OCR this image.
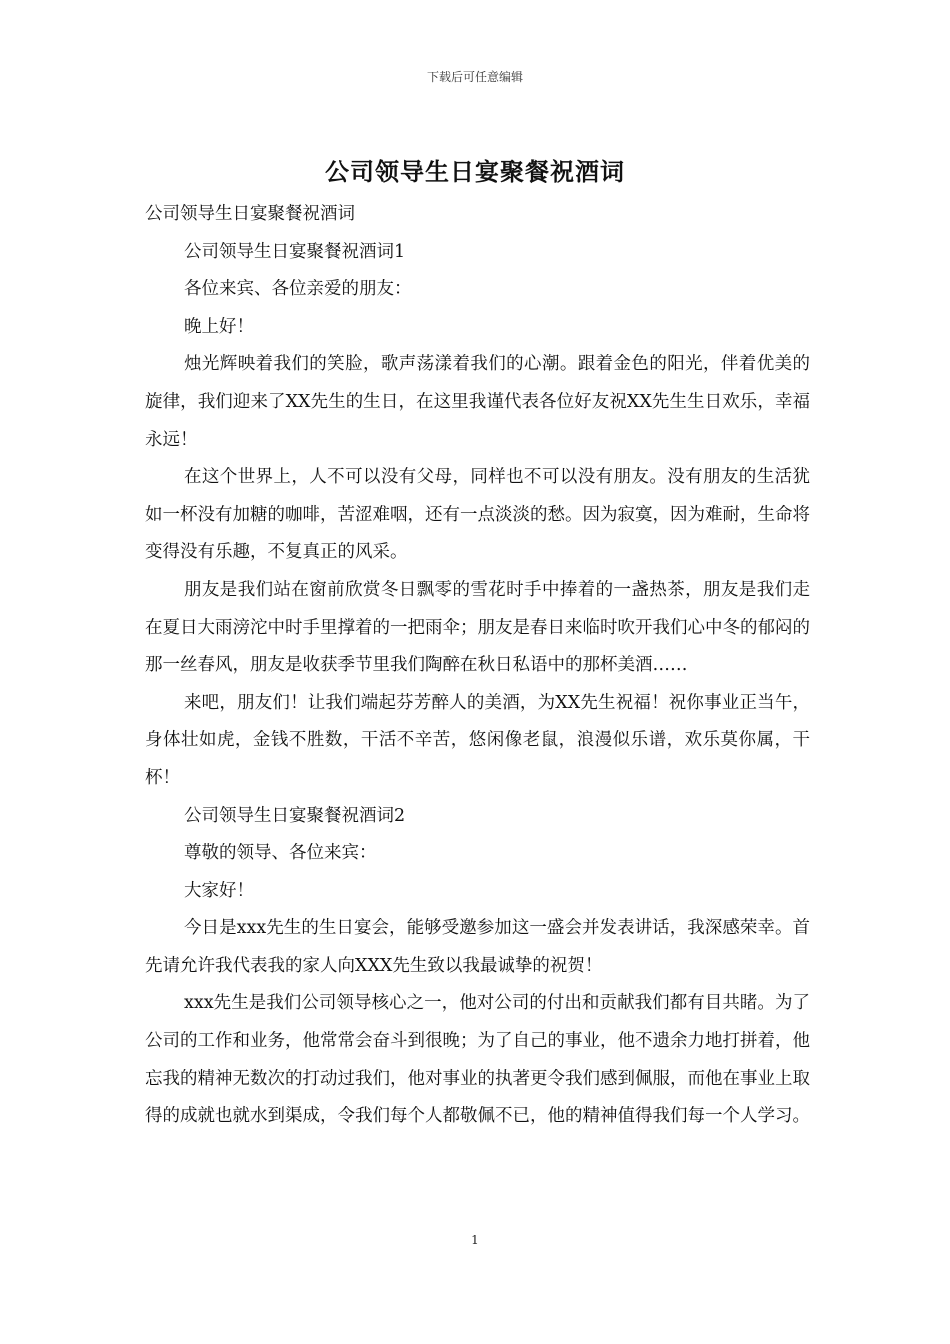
下载后可任意编辑
公司领导生日宴聚餐祝酒词

公司领导生日宴聚餐祝酒词

公司领导生日宴聚餐祝酒词1

各位来宾、各位亲爱的朋友：

晚上好！

烛光辉映着我们的笑脸，歌声荡漾着我们的心潮。跟着金色的阳光，伴着优美的旋律，我们迎来了XX先生的生日，在这里我谨代表各位好友祝XX先生生日欢乐，幸福永远！

在这个世界上，人不可以没有父母，同样也不可以没有朋友。没有朋友的生活犹如一杯没有加糖的咖啡，苦涩难咽，还有一点淡淡的愁。因为寂寞，因为难耐，生命将变得没有乐趣，不复真正的风采。

朋友是我们站在窗前欣赏冬日飘零的雪花时手中捧着的一盏热茶，朋友是我们走在夏日大雨滂沱中时手里撑着的一把雨伞；朋友是春日来临时吹开我们心中冬的郁闷的那一丝春风，朋友是收获季节里我们陶醉在秋日私语中的那杯美酒……

来吧，朋友们！让我们端起芬芳醉人的美酒，为XX先生祝福！祝你事业正当午，身体壮如虎，金钱不胜数，干活不辛苦，悠闲像老鼠，浪漫似乐谱，欢乐莫你属，干杯！

公司领导生日宴聚餐祝酒词2

尊敬的领导、各位来宾：

大家好！

今日是xxx先生的生日宴会，能够受邀参加这一盛会并发表讲话，我深感荣幸。首先请允许我代表我的家人向XXX先生致以我最诚挚的祝贺！

xxx先生是我们公司领导核心之一，他对公司的付出和贡献我们都有目共睹。为了公司的工作和业务，他常常会奋斗到很晚；为了自己的事业，他不遗余力地打拼着，他忘我的精神无数次的打动过我们，他对事业的执著更令我们感到佩服，而他在事业上取得的成就也就水到渠成，令我们每个人都敬佩不已，他的精神值得我们每一个人学习。

1
